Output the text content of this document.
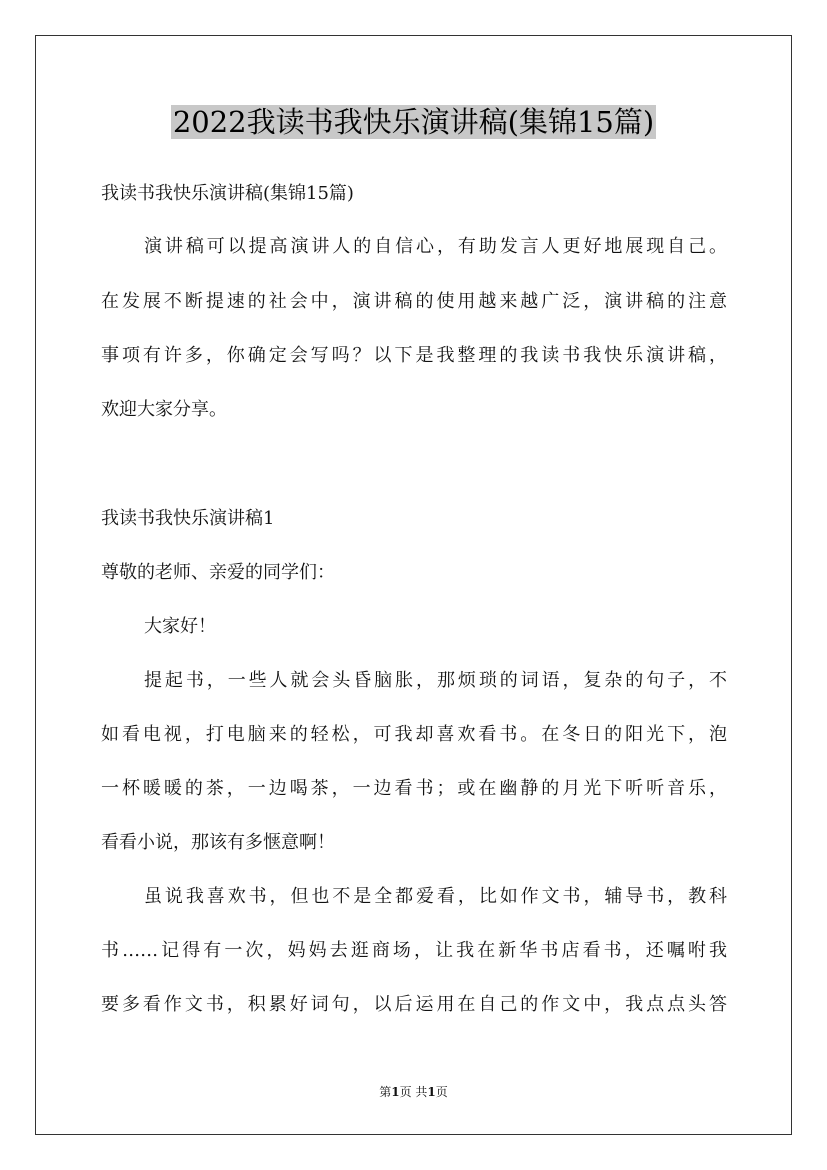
2022我读书我快乐演讲稿(集锦15篇)
我读书我快乐演讲稿(集锦15篇)
演讲稿可以提高演讲人的自信心，有助发言人更好地展现自己。
在发展不断提速的社会中，演讲稿的使用越来越广泛，演讲稿的注意
事项有许多，你确定会写吗？以下是我整理的我读书我快乐演讲稿，
欢迎大家分享。
我读书我快乐演讲稿1
尊敬的老师、亲爱的同学们：
大家好！
提起书，一些人就会头昏脑胀，那烦琐的词语，复杂的句子，不
如看电视，打电脑来的轻松，可我却喜欢看书。在冬日的阳光下，泡
一杯暖暖的茶，一边喝茶，一边看书；或在幽静的月光下听听音乐，
看看小说，那该有多惬意啊！
虽说我喜欢书，但也不是全都爱看，比如作文书，辅导书，教科
书……记得有一次，妈妈去逛商场，让我在新华书店看书，还嘱咐我
要多看作文书，积累好词句，以后运用在自己的作文中，我点点头答
第1页 共1页
